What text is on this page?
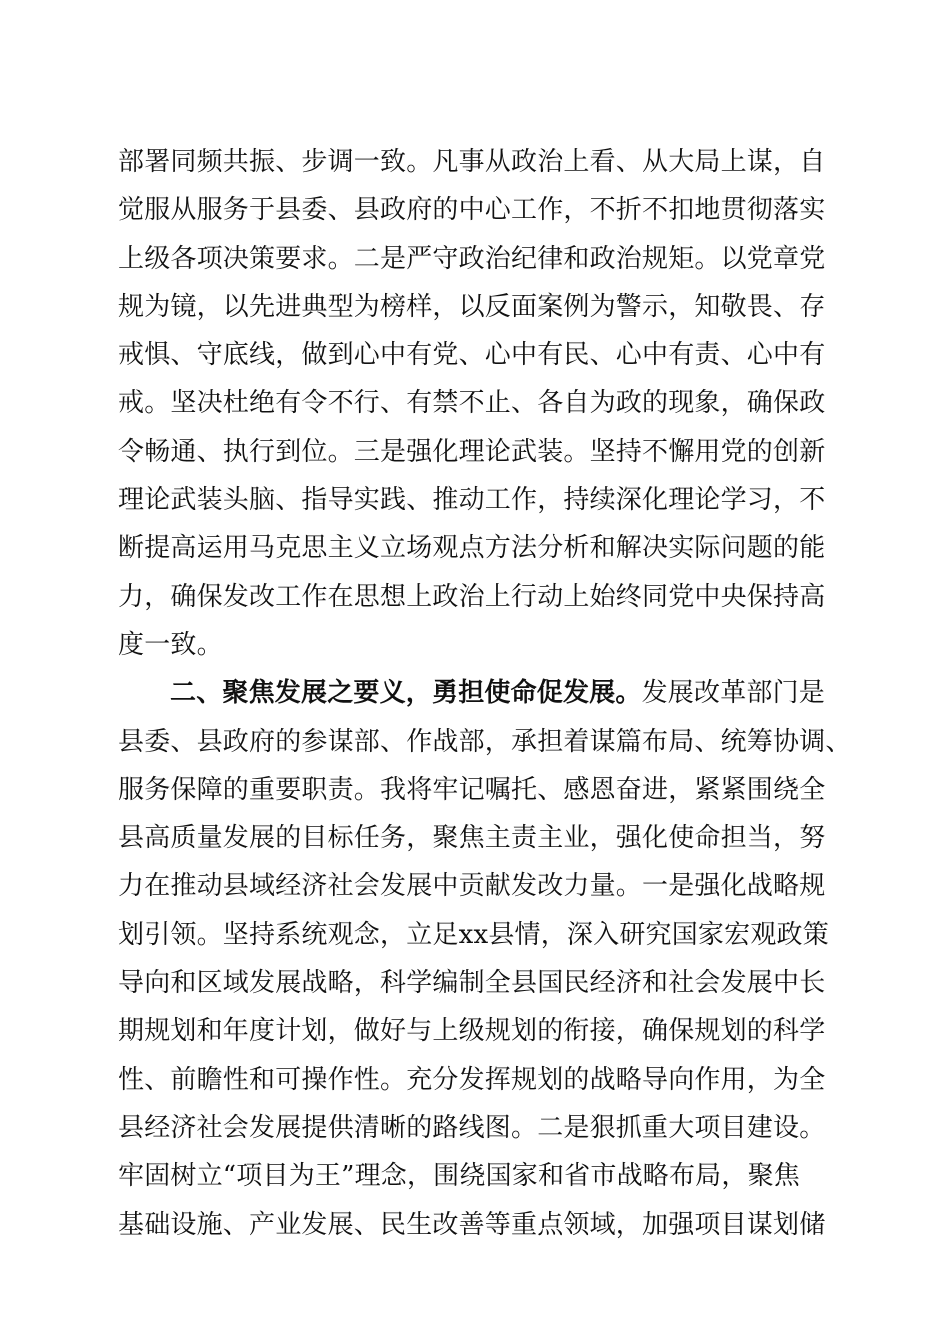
部署同频共振、步调一致。凡事从政治上看、从大局上谋，自
觉服从服务于县委、县政府的中心工作，不折不扣地贯彻落实
上级各项决策要求。二是严守政治纪律和政治规矩。以党章党
规为镜，以先进典型为榜样，以反面案例为警示，知敬畏、存
戒惧、守底线，做到心中有党、心中有民、心中有责、心中有
戒。坚决杜绝有令不行、有禁不止、各自为政的现象，确保政
令畅通、执行到位。三是强化理论武装。坚持不懈用党的创新
理论武装头脑、指导实践、推动工作，持续深化理论学习，不
断提高运用马克思主义立场观点方法分析和解决实际问题的能
力，确保发改工作在思想上政治上行动上始终同党中央保持高
度一致。
二、聚焦发展之要义，勇担使命促发展。发展改革部门是
县委、县政府的参谋部、作战部，承担着谋篇布局、统筹协调、
服务保障的重要职责。我将牢记嘱托、感恩奋进，紧紧围绕全
县高质量发展的目标任务，聚焦主责主业，强化使命担当，努
力在推动县域经济社会发展中贡献发改力量。一是强化战略规
划引领。坚持系统观念，立足xx县情，深入研究国家宏观政策
导向和区域发展战略，科学编制全县国民经济和社会发展中长
期规划和年度计划，做好与上级规划的衔接，确保规划的科学
性、前瞻性和可操作性。充分发挥规划的战略导向作用，为全
县经济社会发展提供清晰的路线图。二是狠抓重大项目建设。
牢固树立“项目为王”理念，围绕国家和省市战略布局，聚焦
基础设施、产业发展、民生改善等重点领域，加强项目谋划储
